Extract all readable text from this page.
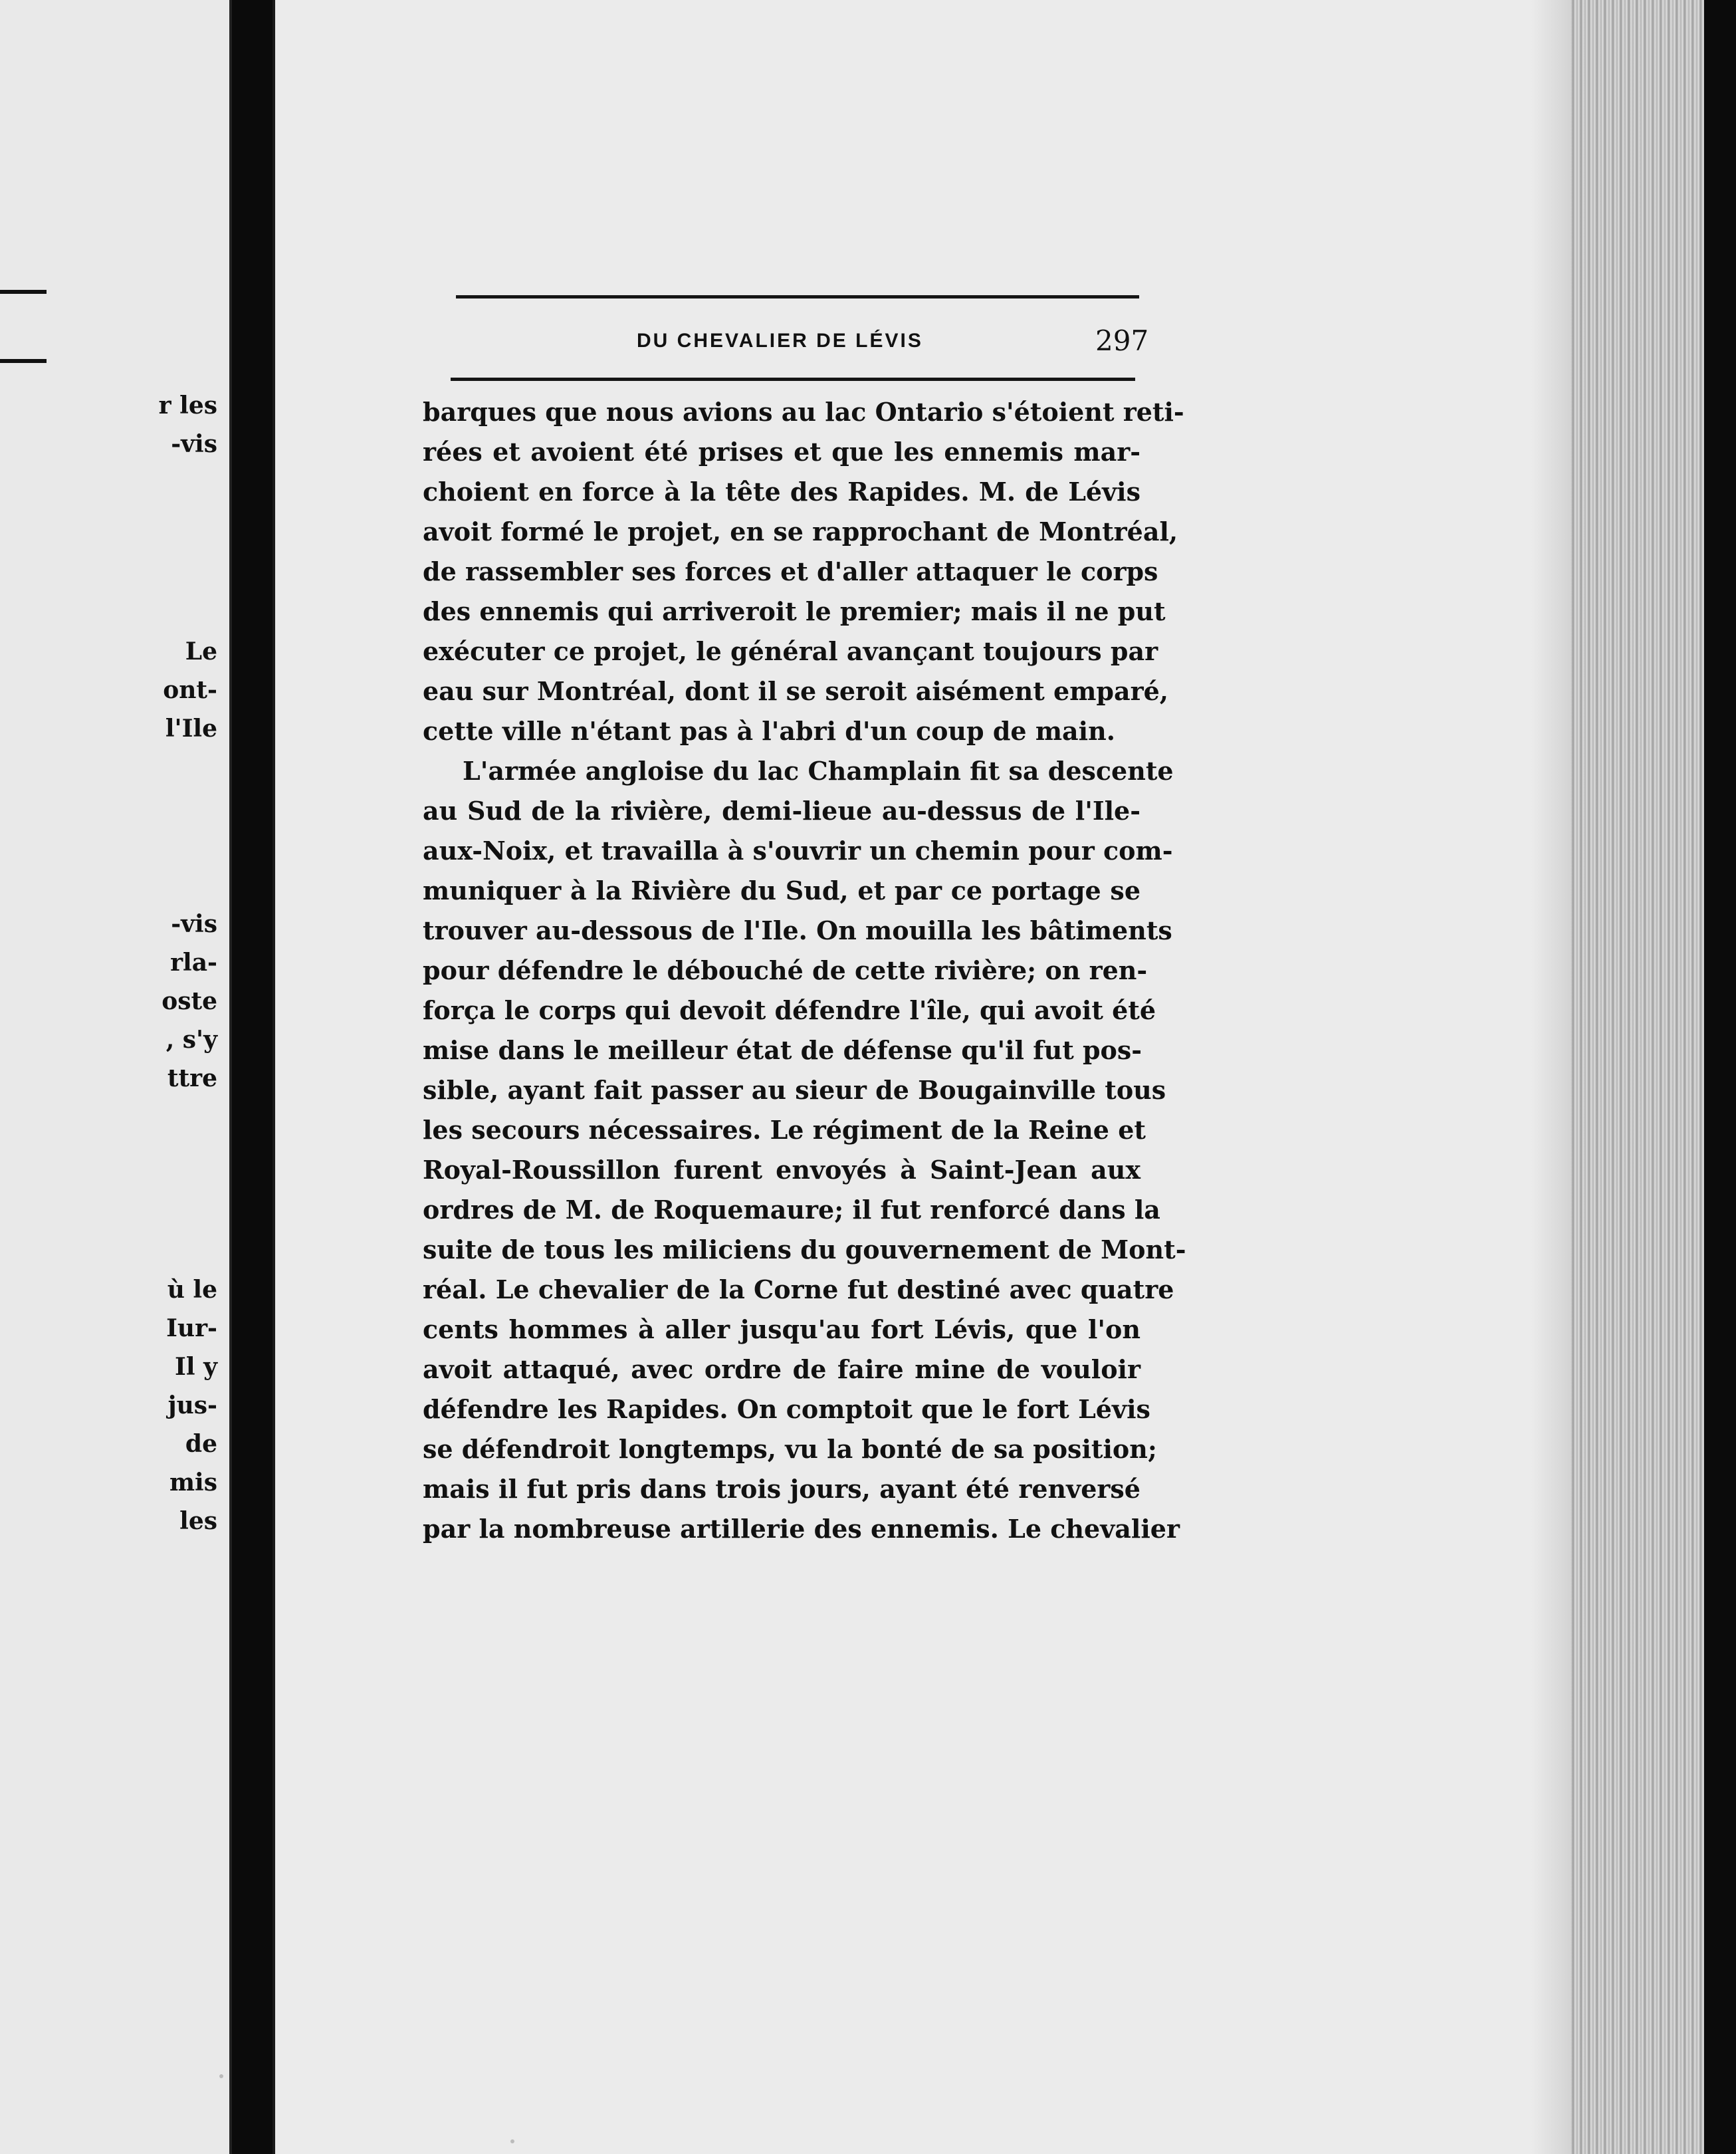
r les
-vis
Le
ont-
l'Ile
-vis
rla-
oste
, s'y
ttre
ù le
Iur-
Il y
jus-
de
mis
les
DU CHEVALIER DE LÉVIS	297
barques que nous avions au lac Ontario s'étoient reti-
rées et avoient été prises et que les ennemis mar-
choient en force à la tête des Rapides. M. de Lévis
avoit formé le projet, en se rapprochant de Montréal,
de rassembler ses forces et d'aller attaquer le corps
des ennemis qui arriveroit le premier; mais il ne put
exécuter ce projet, le général avançant toujours par
eau sur Montréal, dont il se seroit aisément emparé,
cette ville n'étant pas à l'abri d'un coup de main.
L'armée angloise du lac Champlain fit sa descente
au Sud de la rivière, demi-lieue au-dessus de l'Ile-
aux-Noix, et travailla à s'ouvrir un chemin pour com-
muniquer à la Rivière du Sud, et par ce portage se
trouver au-dessous de l'Ile. On mouilla les bâtiments
pour défendre le débouché de cette rivière; on ren-
força le corps qui devoit défendre l'île, qui avoit été
mise dans le meilleur état de défense qu'il fut pos-
sible, ayant fait passer au sieur de Bougainville tous
les secours nécessaires. Le régiment de la Reine et
Royal-Roussillon furent envoyés à Saint-Jean aux
ordres de M. de Roquemaure; il fut renforcé dans la
suite de tous les miliciens du gouvernement de Mont-
réal. Le chevalier de la Corne fut destiné avec quatre
cents hommes à aller jusqu'au fort Lévis, que l'on
avoit attaqué, avec ordre de faire mine de vouloir
défendre les Rapides. On comptoit que le fort Lévis
se défendroit longtemps, vu la bonté de sa position;
mais il fut pris dans trois jours, ayant été renversé
par la nombreuse artillerie des ennemis. Le chevalier
